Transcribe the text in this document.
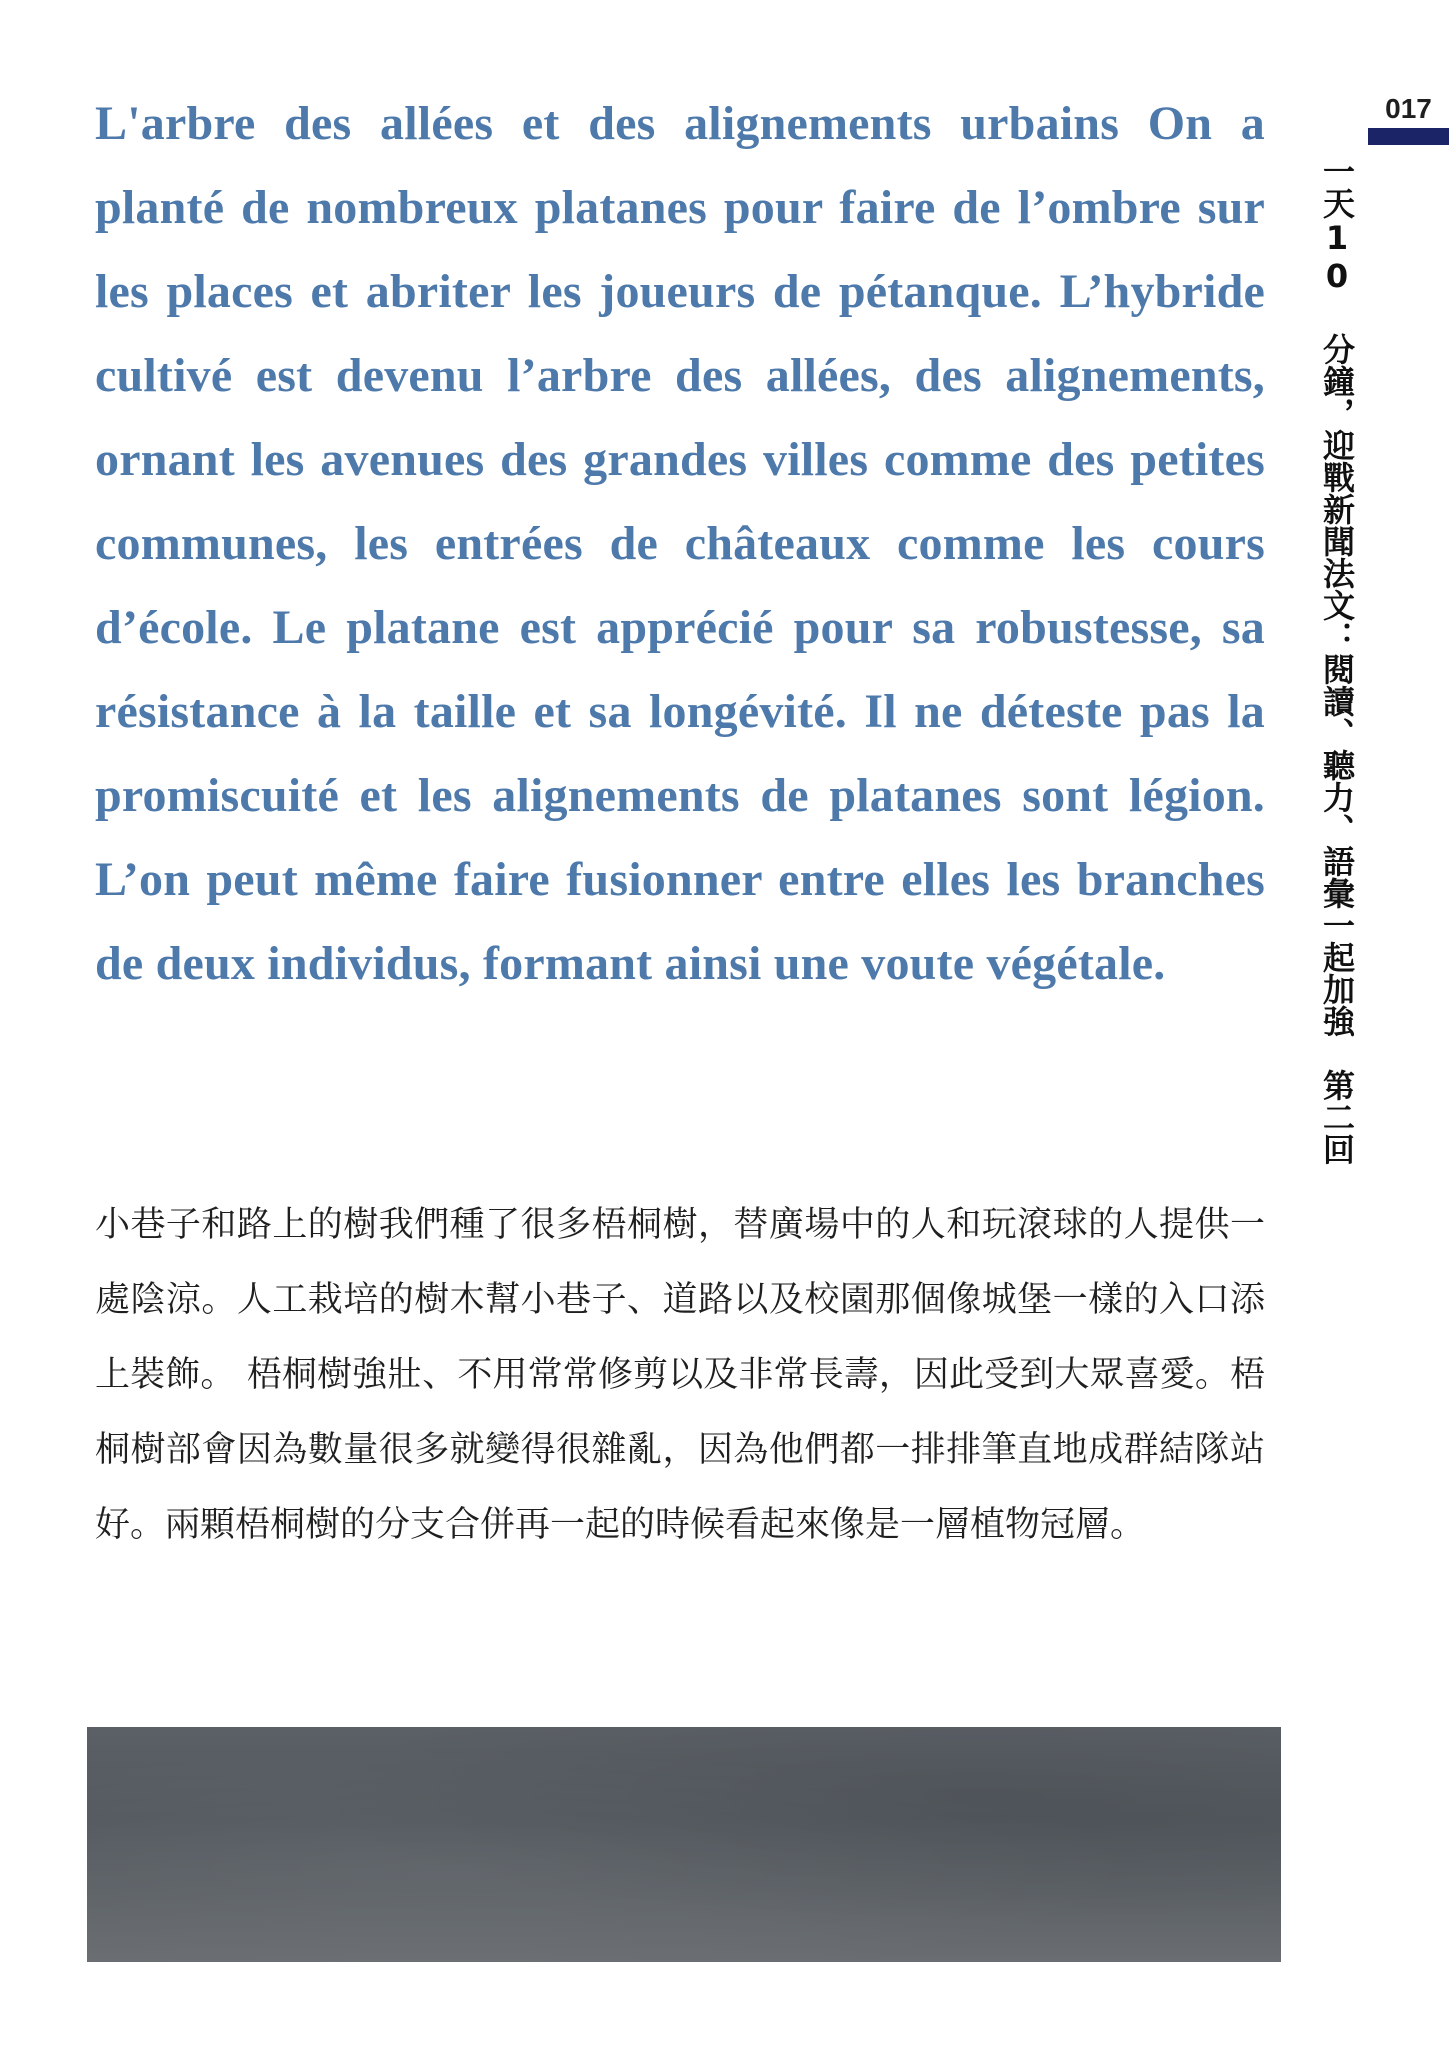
017

一天10 分鐘，迎戰新聞法文：閱讀、聽力、語彙一起加強　第二回

L'arbre des allées et des alignements urbains On a planté de nombreux platanes pour faire de l’ombre sur les places et abriter les joueurs de pétanque. L’hybride cultivé est devenu l’arbre des allées, des alignements, ornant les avenues des grandes villes comme des petites communes, les entrées de châteaux comme les cours d’école. Le platane est apprécié pour sa robustesse, sa résistance à la taille et sa longévité. Il ne déteste pas la promiscuité et les alignements de platanes sont légion. L’on peut même faire fusionner entre elles les branches de deux individus, formant ainsi une voute végétale.

小巷子和路上的樹我們種了很多梧桐樹，替廣場中的人和玩滾球的人提供一處陰涼。人工栽培的樹木幫小巷子、道路以及校園那個像城堡一樣的入口添上裝飾。 梧桐樹強壯、不用常常修剪以及非常長壽，因此受到大眾喜愛。梧桐樹部會因為數量很多就變得很雜亂，因為他們都一排排筆直地成群結隊站好。兩顆梧桐樹的分支合併再一起的時候看起來像是一層植物冠層。
